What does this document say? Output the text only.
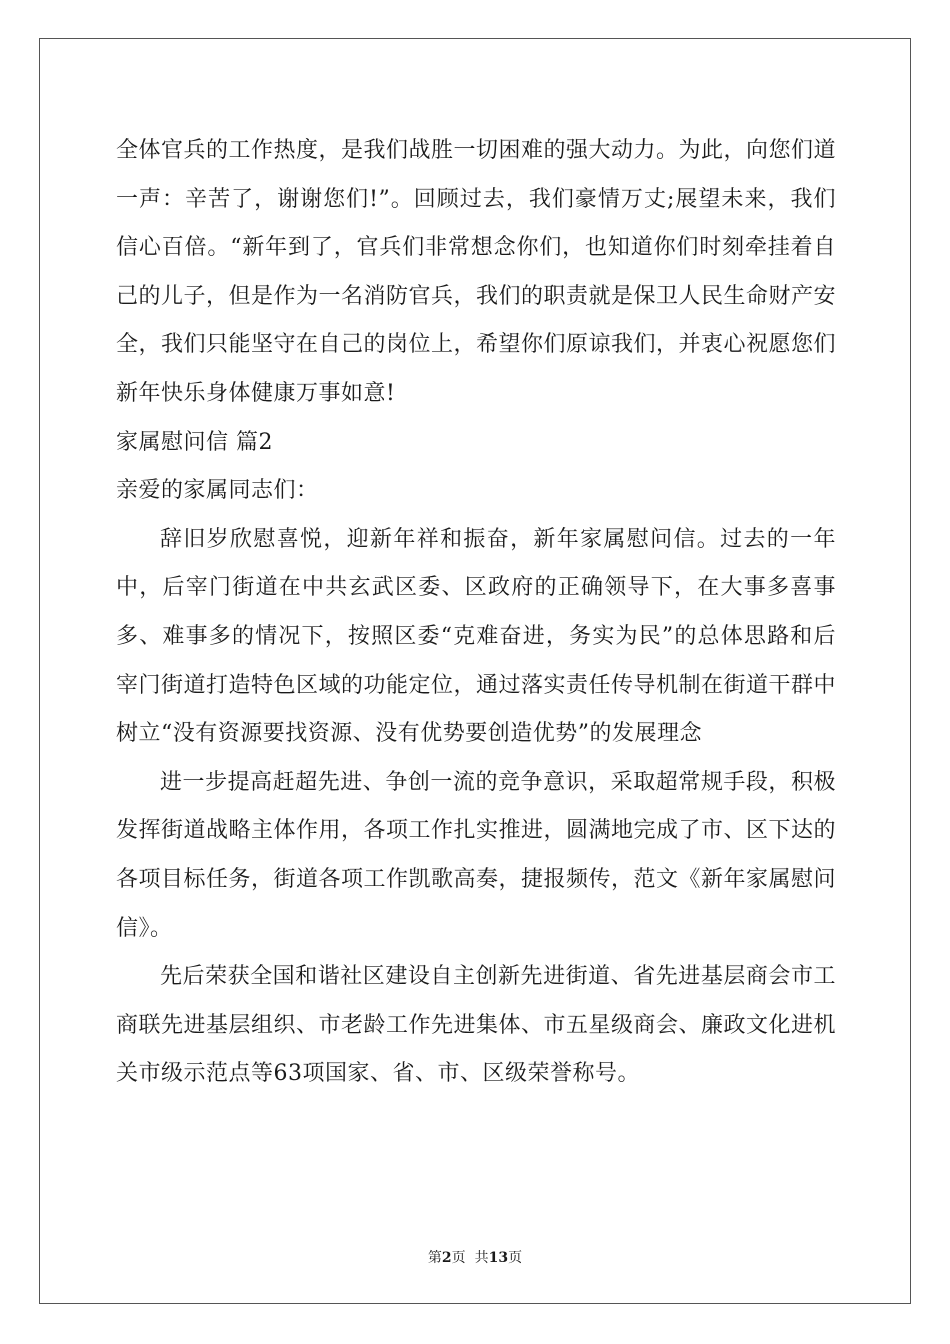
全体官兵的工作热度，是我们战胜一切困难的强大动力。为此，向您们道一声：辛苦了，谢谢您们!”。回顾过去，我们豪情万丈;展望未来，我们信心百倍。“新年到了，官兵们非常想念你们，也知道你们时刻牵挂着自己的儿子，但是作为一名消防官兵，我们的职责就是保卫人民生命财产安全，我们只能坚守在自己的岗位上，希望你们原谅我们，并衷心祝愿您们新年快乐身体健康万事如意!

家属慰问信 篇2

亲爱的家属同志们：

辞旧岁欣慰喜悦，迎新年祥和振奋，新年家属慰问信。过去的一年中，后宰门街道在中共玄武区委、区政府的正确领导下，在大事多喜事多、难事多的情况下，按照区委“克难奋进，务实为民”的总体思路和后宰门街道打造特色区域的功能定位，通过落实责任传导机制在街道干群中树立“没有资源要找资源、没有优势要创造优势”的发展理念

进一步提高赶超先进、争创一流的竞争意识，采取超常规手段，积极发挥街道战略主体作用，各项工作扎实推进，圆满地完成了市、区下达的各项目标任务，街道各项工作凯歌高奏，捷报频传，范文《新年家属慰问信》。

先后荣获全国和谐社区建设自主创新先进街道、省先进基层商会市工商联先进基层组织、市老龄工作先进集体、市五星级商会、廉政文化进机关市级示范点等63项国家、省、市、区级荣誉称号。

第2页  共13页
